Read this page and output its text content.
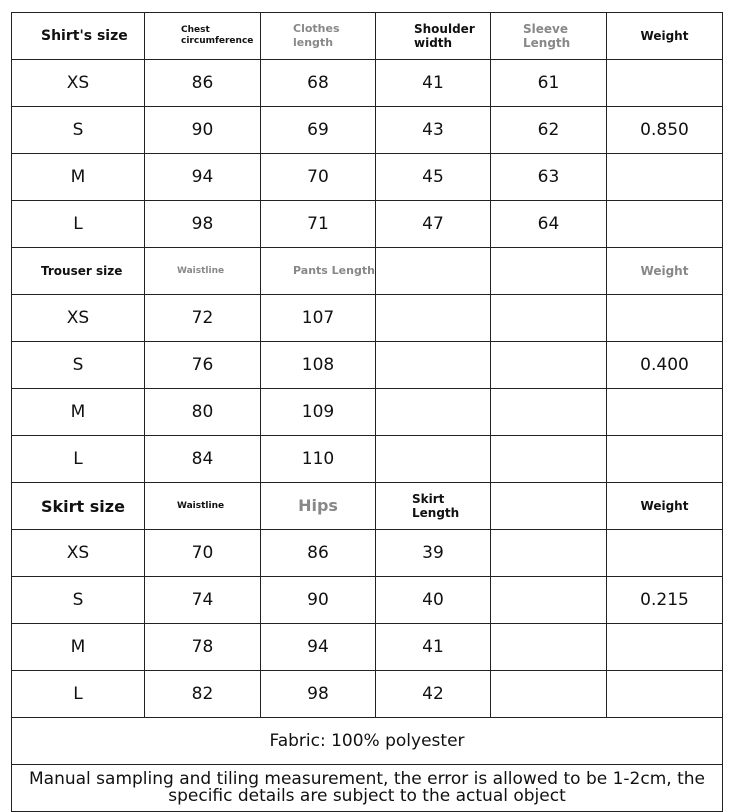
Shirt's size	Chest circumference	Clothes length	Shoulder width	Sleeve Length	Weight
XS	86	68	41	61	
S	90	69	43	62	0.850
M	94	70	45	63	
L	98	71	47	64	
Trouser size	Waistline	Pants Length			Weight
XS	72	107			
S	76	108			0.400
M	80	109			
L	84	110			
Skirt size	Waistline	Hips	Skirt Length		Weight
XS	70	86	39		
S	74	90	40		0.215
M	78	94	41		
L	82	98	42		
Fabric: 100% polyester					
Manual sampling and tiling measurement, the error is allowed to be 1-2cm, the specific details are subject to the actual object					
